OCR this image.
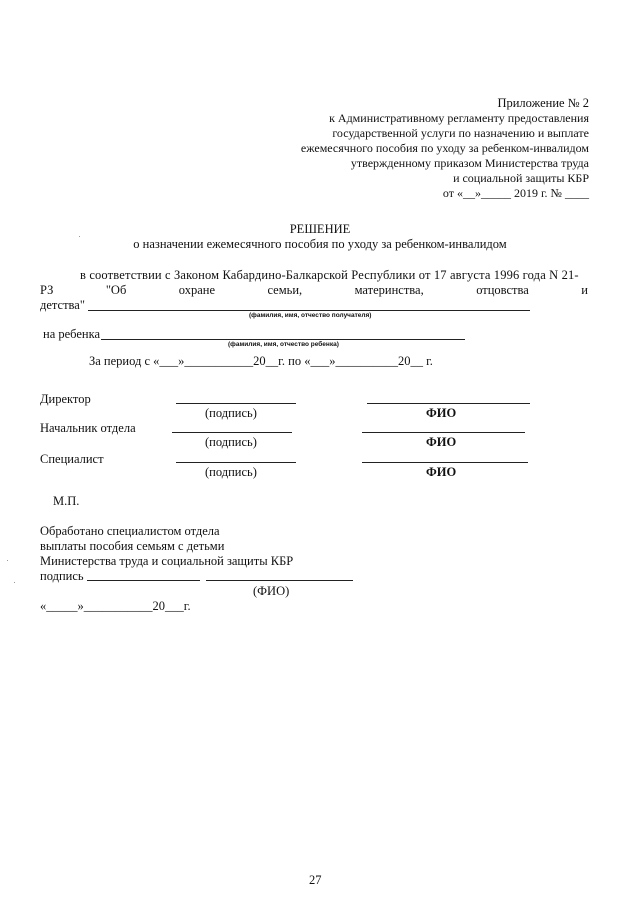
Приложение № 2
к Административному регламенту предоставления
государственной услуги по назначению и выплате
ежемесячного пособия по уходу за ребенком-инвалидом
утвержденному приказом Министерства труда
и социальной защиты КБР
от «__»_____ 2019 г. № ____
РЕШЕНИЕ
о назначении ежемесячного пособия по уходу за ребенком-инвалидом
в соответствии с Законом Кабардино-Балкарской Республики от 17 августа 1996 года N 21-
РЗ	"Об	охране	семьи,	материнства,	отцовства	и
детства"
(фамилия, имя, отчество получателя)
на ребенка
(фамилия, имя, отчество ребенка)
За период с «___»___________20__г. по «___»__________20__ г.
Директор
(подпись)	ФИО
Начальник отдела
(подпись)	ФИО
Специалист
(подпись)	ФИО
М.П.
Обработано специалистом отдела
выплаты пособия семьям с детьми
Министерства труда и социальной защиты КБР
подпись
(ФИО)
«_____»___________20___г.
27
